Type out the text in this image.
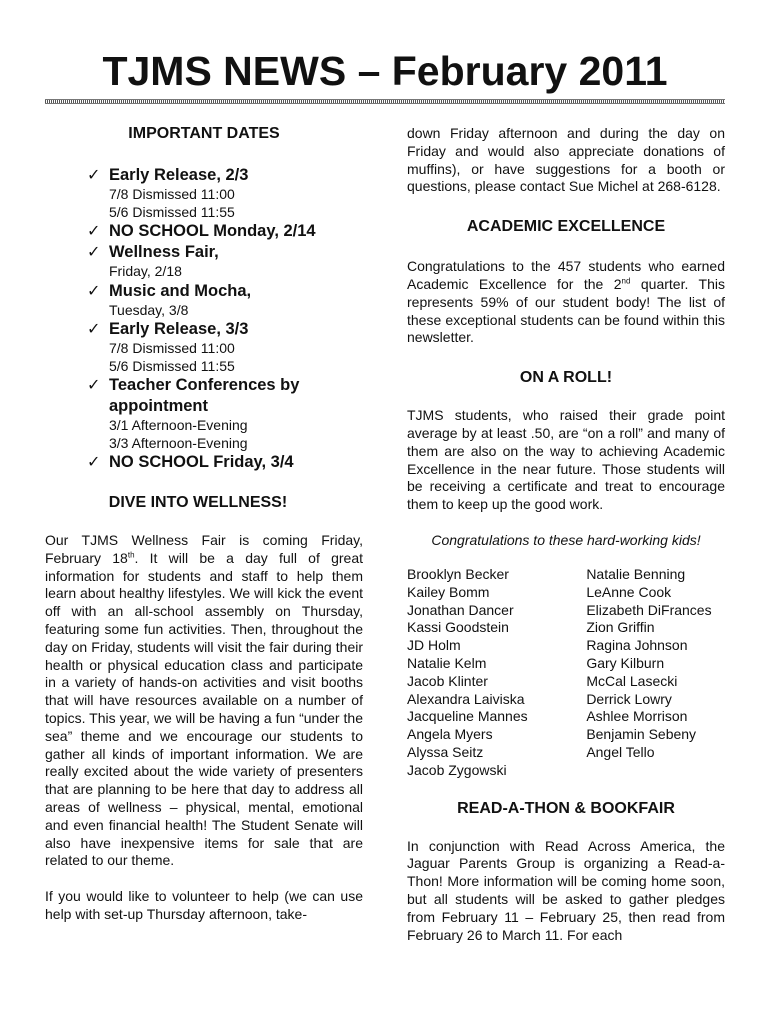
TJMS NEWS – February 2011
IMPORTANT DATES
✓ Early Release, 2/3
7/8 Dismissed 11:00
5/6 Dismissed 11:55
✓ NO SCHOOL Monday, 2/14
✓ Wellness Fair,
Friday, 2/18
✓ Music and Mocha,
Tuesday, 3/8
✓ Early Release, 3/3
7/8 Dismissed 11:00
5/6 Dismissed 11:55
✓ Teacher Conferences by appointment
3/1 Afternoon-Evening
3/3 Afternoon-Evening
✓ NO SCHOOL Friday, 3/4
DIVE INTO WELLNESS!

Our TJMS Wellness Fair is coming Friday, February 18th. It will be a day full of great information for students and staff to help them learn about healthy lifestyles. We will kick the event off with an all-school assembly on Thursday, featuring some fun activities. Then, throughout the day on Friday, students will visit the fair during their health or physical education class and participate in a variety of hands-on activities and visit booths that will have resources available on a number of topics. This year, we will be having a fun “under the sea” theme and we encourage our students to gather all kinds of important information. We are really excited about the wide variety of presenters that are planning to be here that day to address all areas of wellness – physical, mental, emotional and even financial health! The Student Senate will also have inexpensive items for sale that are related to our theme.

If you would like to volunteer to help (we can use help with set-up Thursday afternoon, take-

down Friday afternoon and during the day on Friday and would also appreciate donations of muffins), or have suggestions for a booth or questions, please contact Sue Michel at 268-6128.

ACADEMIC EXCELLENCE

Congratulations to the 457 students who earned Academic Excellence for the 2nd quarter. This represents 59% of our student body! The list of these exceptional students can be found within this newsletter.

ON A ROLL!

TJMS students, who raised their grade point average by at least .50, are “on a roll” and many of them are also on the way to achieving Academic Excellence in the near future. Those students will be receiving a certificate and treat to encourage them to keep up the good work.

Congratulations to these hard-working kids!

Brooklyn Becker
Kailey Bomm
Jonathan Dancer
Kassi Goodstein
JD Holm
Natalie Kelm
Jacob Klinter
Alexandra Laiviska
Jacqueline Mannes
Angela Myers
Alyssa Seitz
Jacob Zygowski
Natalie Benning
LeAnne Cook
Elizabeth DiFrances
Zion Griffin
Ragina Johnson
Gary Kilburn
McCal Lasecki
Derrick Lowry
Ashlee Morrison
Benjamin Sebeny
Angel Tello
READ-A-THON & BOOKFAIR

In conjunction with Read Across America, the Jaguar Parents Group is organizing a Read-a-Thon! More information will be coming home soon, but all students will be asked to gather pledges from February 11 – February 25, then read from February 26 to March 11. For each
